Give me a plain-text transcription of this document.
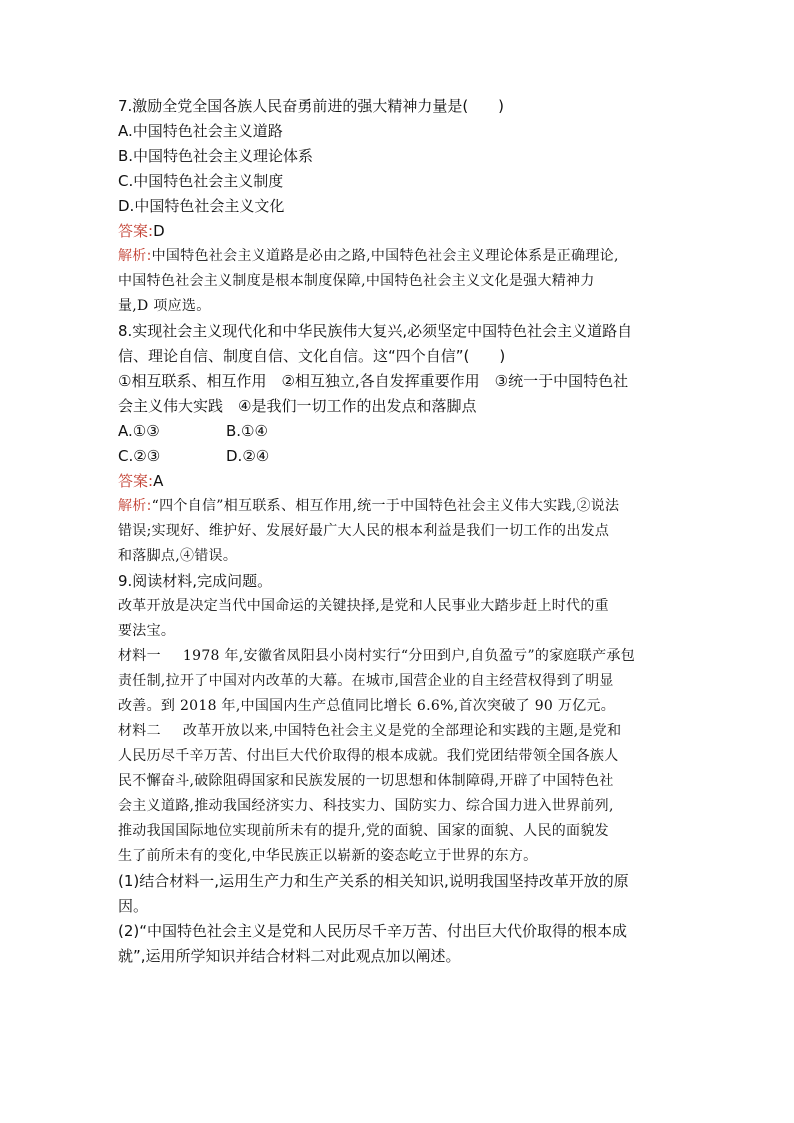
7.激励全党全国各族人民奋勇前进的强大精神力量是(　　)
A.中国特色社会主义道路
B.中国特色社会主义理论体系
C.中国特色社会主义制度
D.中国特色社会主义文化
答案:D
解析:中国特色社会主义道路是必由之路,中国特色社会主义理论体系是正确理论,
中国特色社会主义制度是根本制度保障,中国特色社会主义文化是强大精神力
量,D 项应选。
8.实现社会主义现代化和中华民族伟大复兴,必须坚定中国特色社会主义道路自
信、理论自信、制度自信、文化自信。这“四个自信”(　　)
①相互联系、相互作用　②相互独立,各自发挥重要作用　③统一于中国特色社
会主义伟大实践　④是我们一切工作的出发点和落脚点
A.①③	B.①④
C.②③	D.②④
答案:A
解析:“四个自信”相互联系、相互作用,统一于中国特色社会主义伟大实践,②说法
错误;实现好、维护好、发展好最广大人民的根本利益是我们一切工作的出发点
和落脚点,④错误。
9.阅读材料,完成问题。
改革开放是决定当代中国命运的关键抉择,是党和人民事业大踏步赶上时代的重
要法宝。
材料一 1978 年,安徽省凤阳县小岗村实行“分田到户,自负盈亏”的家庭联产承包
责任制,拉开了中国对内改革的大幕。在城市,国营企业的自主经营权得到了明显
改善。到 2018 年,中国国内生产总值同比增长 6.6%,首次突破了 90 万亿元。
材料二 改革开放以来,中国特色社会主义是党的全部理论和实践的主题,是党和
人民历尽千辛万苦、付出巨大代价取得的根本成就。我们党团结带领全国各族人
民不懈奋斗,破除阻碍国家和民族发展的一切思想和体制障碍,开辟了中国特色社
会主义道路,推动我国经济实力、科技实力、国防实力、综合国力进入世界前列,
推动我国国际地位实现前所未有的提升,党的面貌、国家的面貌、人民的面貌发
生了前所未有的变化,中华民族正以崭新的姿态屹立于世界的东方。
(1)结合材料一,运用生产力和生产关系的相关知识,说明我国坚持改革开放的原
因。
(2)“中国特色社会主义是党和人民历尽千辛万苦、付出巨大代价取得的根本成
就”,运用所学知识并结合材料二对此观点加以阐述。
